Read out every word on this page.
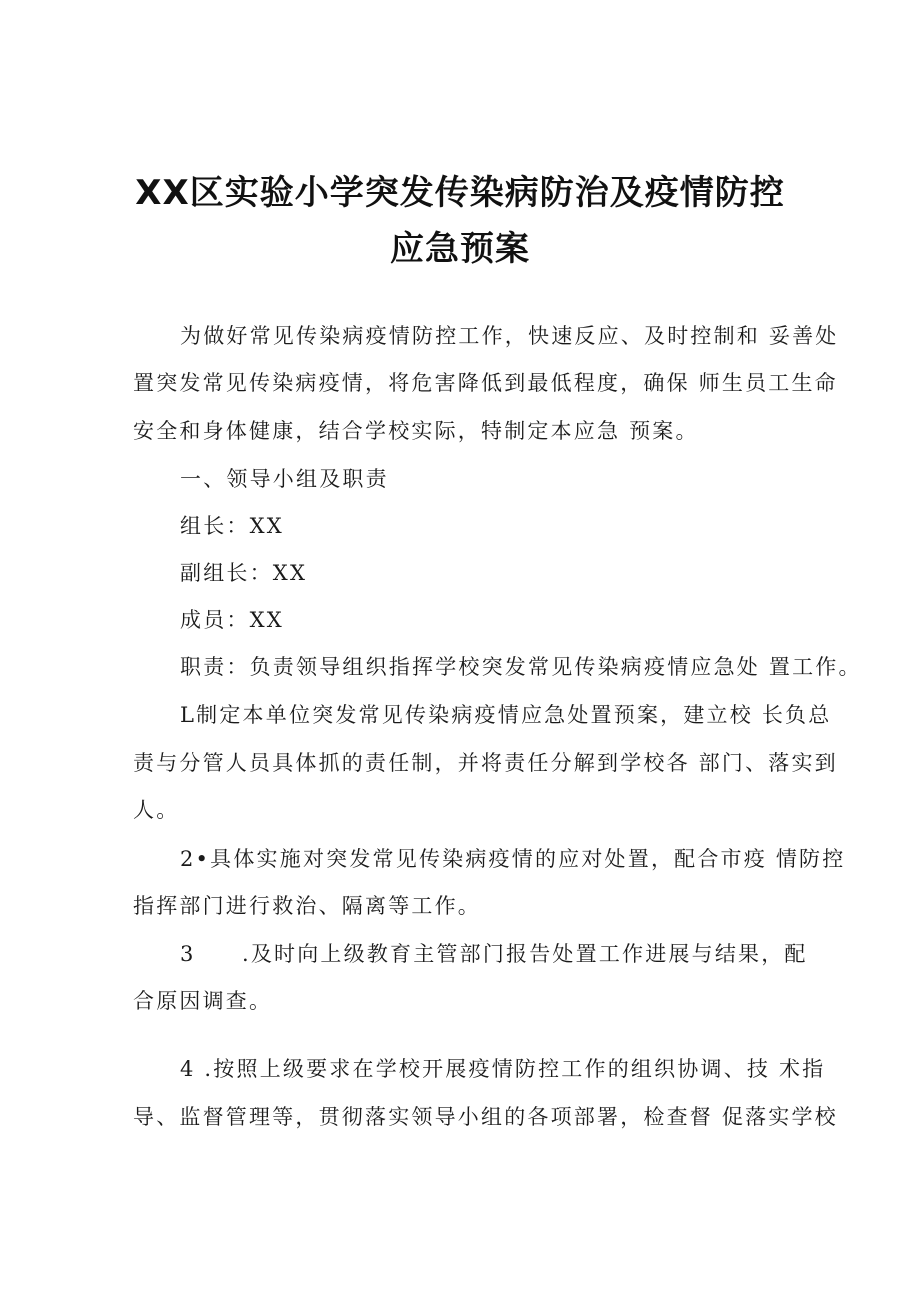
XX区实验小学突发传染病防治及疫情防控
应急预案

为做好常见传染病疫情防控工作，快速反应、及时控制和 妥善处

置突发常见传染病疫情，将危害降低到最低程度，确保 师生员工生命

安全和身体健康，结合学校实际，特制定本应急 预案。

一、领导小组及职责

组长：XX

副组长：XX

成员：XX

职责：负责领导组织指挥学校突发常见传染病疫情应急处 置工作。

L制定本单位突发常见传染病疫情应急处置预案，建立校 长负总

责与分管人员具体抓的责任制，并将责任分解到学校各 部门、落实到

人。

2•具体实施对突发常见传染病疫情的应对处置，配合市疫 情防控

指挥部门进行救治、隔离等工作。

3　　.及时向上级教育主管部门报告处置工作进展与结果，配

合原因调查。

4 .按照上级要求在学校开展疫情防控工作的组织协调、技 术指

导、监督管理等，贯彻落实领导小组的各项部署，检查督 促落实学校
